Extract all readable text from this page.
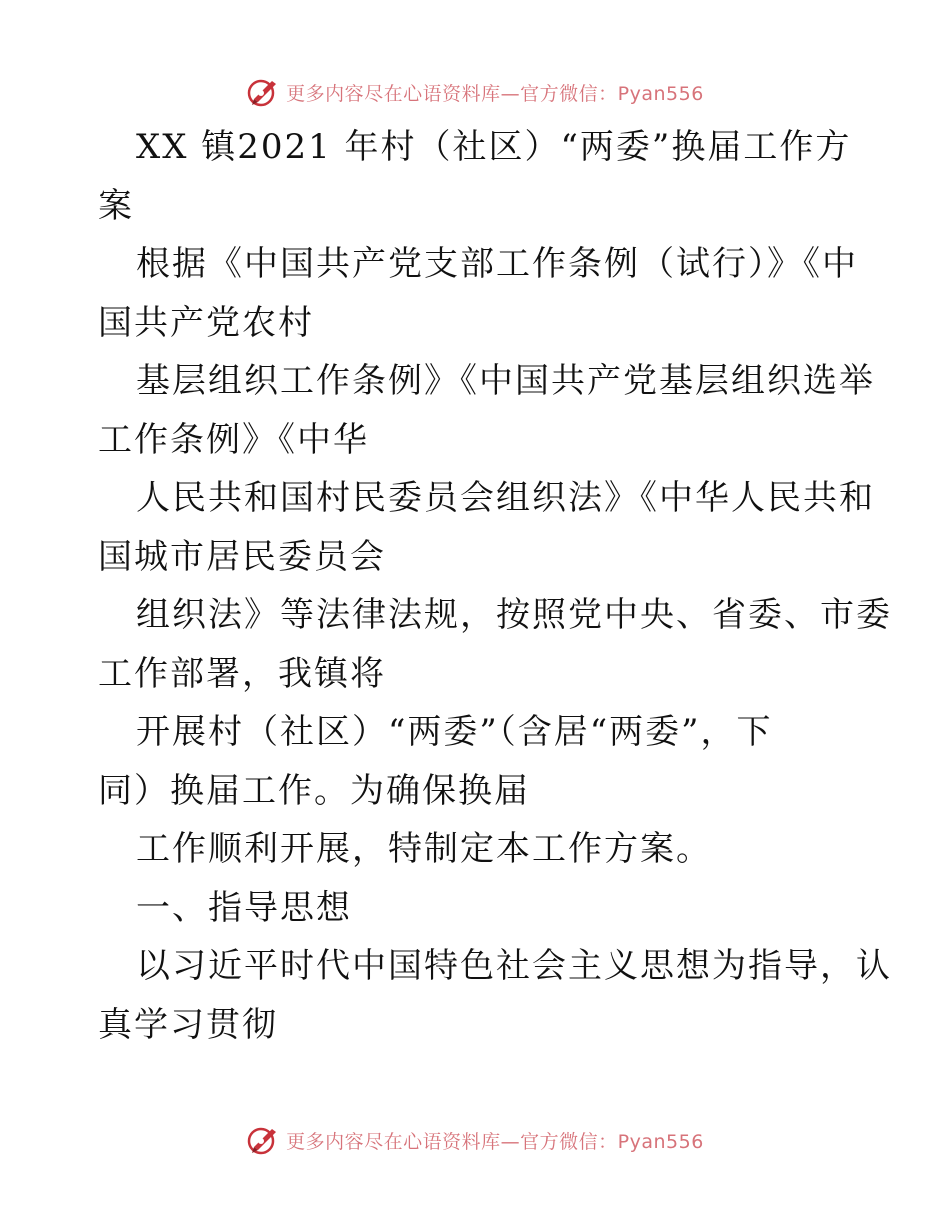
更多内容尽在心语资料库—官方微信：Pyan556
XX 镇2021 年村（社区）“两委”换届工作方
案
根据《中国共产党支部工作条例（试行）》《中
国共产党农村
基层组织工作条例》《中国共产党基层组织选举
工作条例》《中华
人民共和国村民委员会组织法》《中华人民共和
国城市居民委员会
组织法》等法律法规，按照党中央、省委、市委
工作部署，我镇将
开展村（社区）“两委”（含居“两委”，下
同）换届工作。为确保换届
工作顺利开展，特制定本工作方案。
一、指导思想
以习近平时代中国特色社会主义思想为指导，认
真学习贯彻
更多内容尽在心语资料库—官方微信：Pyan556
